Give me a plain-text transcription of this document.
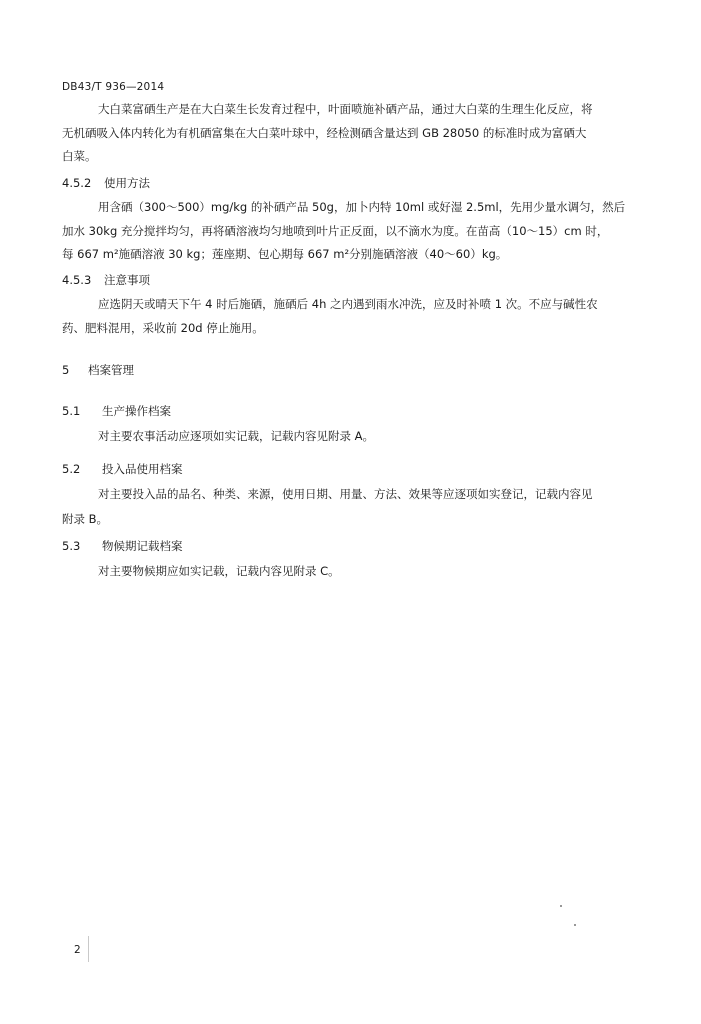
DB43/T 936—2014
大白菜富硒生产是在大白菜生长发育过程中，叶面喷施补硒产品，通过大白菜的生理生化反应，将
无机硒吸入体内转化为有机硒富集在大白菜叶球中，经检测硒含量达到 GB 28050 的标准时成为富硒大
白菜。
4.5.2 使用方法
用含硒（300～500）mg/kg 的补硒产品 50g，加卜内特 10ml 或好湿 2.5ml，先用少量水调匀，然后
加水 30kg 充分搅拌均匀，再将硒溶液均匀地喷到叶片正反面，以不滴水为度。在苗高（10～15）cm 时，
每 667 m²施硒溶液 30 kg；莲座期、包心期每 667 m²分别施硒溶液（40～60）kg。
4.5.3 注意事项
应选阴天或晴天下午 4 时后施硒，施硒后 4h 之内遇到雨水冲洗，应及时补喷 1 次。不应与碱性农
药、肥料混用，采收前 20d 停止施用。
5 档案管理
5.1 生产操作档案
对主要农事活动应逐项如实记载，记载内容见附录 A。
5.2 投入品使用档案
对主要投入品的品名、种类、来源，使用日期、用量、方法、效果等应逐项如实登记，记载内容见
附录 B。
5.3 物候期记载档案
对主要物候期应如实记载，记载内容见附录 C。
2
